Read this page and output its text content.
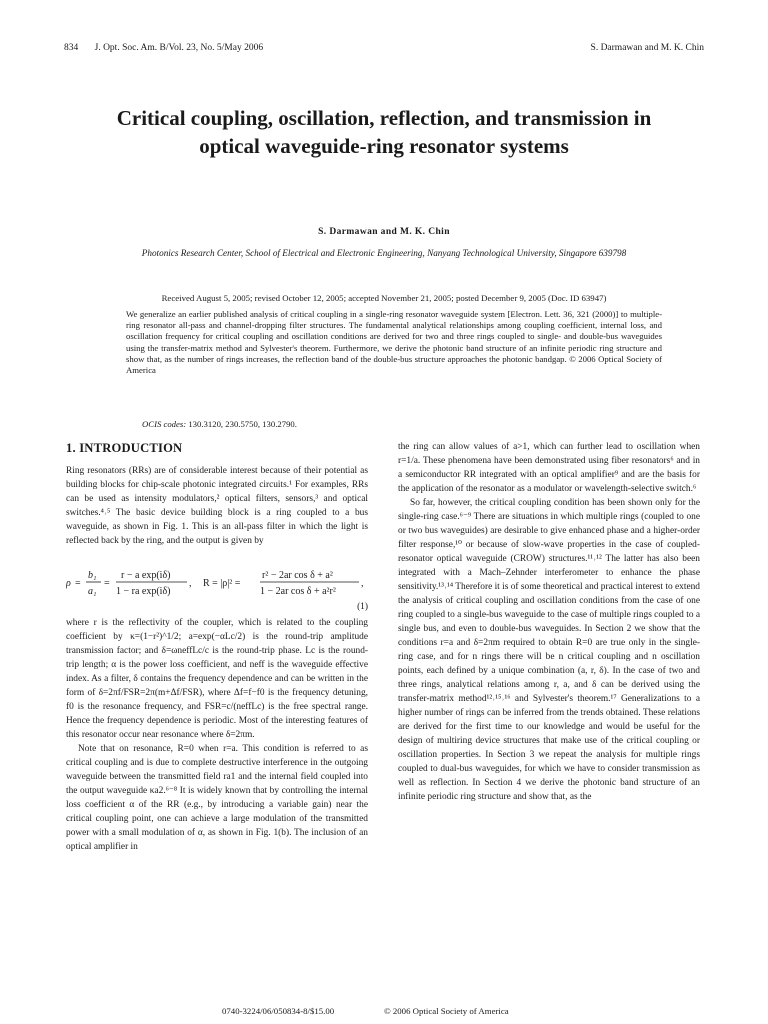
834 J. Opt. Soc. Am. B/Vol. 23, No. 5/May 2006	S. Darmawan and M. K. Chin
Critical coupling, oscillation, reflection, and transmission in optical waveguide-ring resonator systems
S. Darmawan and M. K. Chin
Photonics Research Center, School of Electrical and Electronic Engineering, Nanyang Technological University, Singapore 639798
Received August 5, 2005; revised October 12, 2005; accepted November 21, 2005; posted December 9, 2005 (Doc. ID 63947)

We generalize an earlier published analysis of critical coupling in a single-ring resonator waveguide system [Electron. Lett. 36, 321 (2000)] to multiple-ring resonator all-pass and channel-dropping filter structures. The fundamental analytical relationships among coupling coefficient, internal loss, and oscillation frequency for critical coupling and oscillation conditions are derived for two and three rings coupled to single- and double-bus waveguides using the transfer-matrix method and Sylvester's theorem. Furthermore, we derive the photonic band structure of an infinite periodic ring structure and show that, as the number of rings increases, the reflection band of the double-bus structure approaches the photonic bandgap. © 2006 Optical Society of America

OCIS codes: 130.3120, 230.5750, 130.2790.
1. INTRODUCTION

Ring resonators (RRs) are of considerable interest because of their potential as building blocks for chip-scale photonic integrated circuits.¹ For examples, RRs can be used as intensity modulators,² optical filters, sensors,³ and optical switches.⁴˒⁵ The basic device building block is a ring coupled to a bus waveguide, as shown in Fig. 1. This is an all-pass filter in which the light is reflected back by the ring, and the output is given by

ρ =
b₁
a₁
=
r − a exp(iδ)
1 − ra exp(iδ)
, R = |ρ|² =
r² − 2ar cos δ + a²
1 − 2ar cos δ + a²r²
,
(1)

where r is the reflectivity of the coupler, which is related to the coupling coefficient by κ=(1−r²)^1/2; a=exp(−αLc/2) is the round-trip amplitude transmission factor; and δ=ωneffLc/c is the round-trip phase. Lc is the round-trip length; α is the power loss coefficient, and neff is the waveguide effective index. As a filter, δ contains the frequency dependence and can be written in the form of δ=2πf/FSR=2π(m+Δf/FSR), where Δf=f−f0 is the frequency detuning, f0 is the resonance frequency, and FSR=c/(neffLc) is the free spectral range. Hence the frequency dependence is periodic. Most of the interesting features of this resonator occur near resonance where δ=2πm.

Note that on resonance, R=0 when r=a. This condition is referred to as critical coupling and is due to complete destructive interference in the outgoing waveguide between the transmitted field ra1 and the internal field coupled into the output waveguide κa2.⁶⁻⁸ It is widely known that by controlling the internal loss coefficient α of the RR (e.g., by introducing a variable gain) near the critical coupling point, one can achieve a large modulation of the transmitted power with a small modulation of α, as shown in Fig. 1(b). The inclusion of an optical amplifier in

the ring can allow values of a>1, which can further lead to oscillation when r=1/a. These phenomena have been demonstrated using fiber resonators⁶ and in a semiconductor RR integrated with an optical amplifier⁹ and are the basis for the application of the resonator as a modulator or wavelength-selective switch.⁶

So far, however, the critical coupling condition has been shown only for the single-ring case.⁶⁻⁹ There are situations in which multiple rings (coupled to one or two bus waveguides) are desirable to give enhanced phase and a higher-order filter response,¹⁰ or because of slow-wave properties in the case of coupled-resonator optical waveguide (CROW) structures.¹¹˒¹² The latter has also been integrated with a Mach–Zehnder interferometer to enhance the phase sensitivity.¹³˒¹⁴ Therefore it is of some theoretical and practical interest to extend the analysis of critical coupling and oscillation conditions from the case of one ring coupled to a single-bus waveguide to the case of multiple rings coupled to a single bus, and even to double-bus waveguides. In Section 2 we show that the conditions r=a and δ=2πm required to obtain R=0 are true only in the single-ring case, and for n rings there will be n critical coupling and n oscillation points, each defined by a unique combination (a, r, δ). In the case of two and three rings, analytical relations among r, a, and δ can be derived using the transfer-matrix method¹²˒¹⁵˒¹⁶ and Sylvester's theorem.¹⁷ Generalizations to a higher number of rings can be inferred from the trends obtained. These relations are derived for the first time to our knowledge and would be useful for the design of multiring device structures that make use of the critical coupling or oscillation properties. In Section 3 we repeat the analysis for multiple rings coupled to dual-bus waveguides, for which we have to consider transmission as well as reflection. In Section 4 we derive the photonic band structure of an infinite periodic ring structure and show that, as the

0740-3224/06/050834-8/$15.00	© 2006 Optical Society of America
